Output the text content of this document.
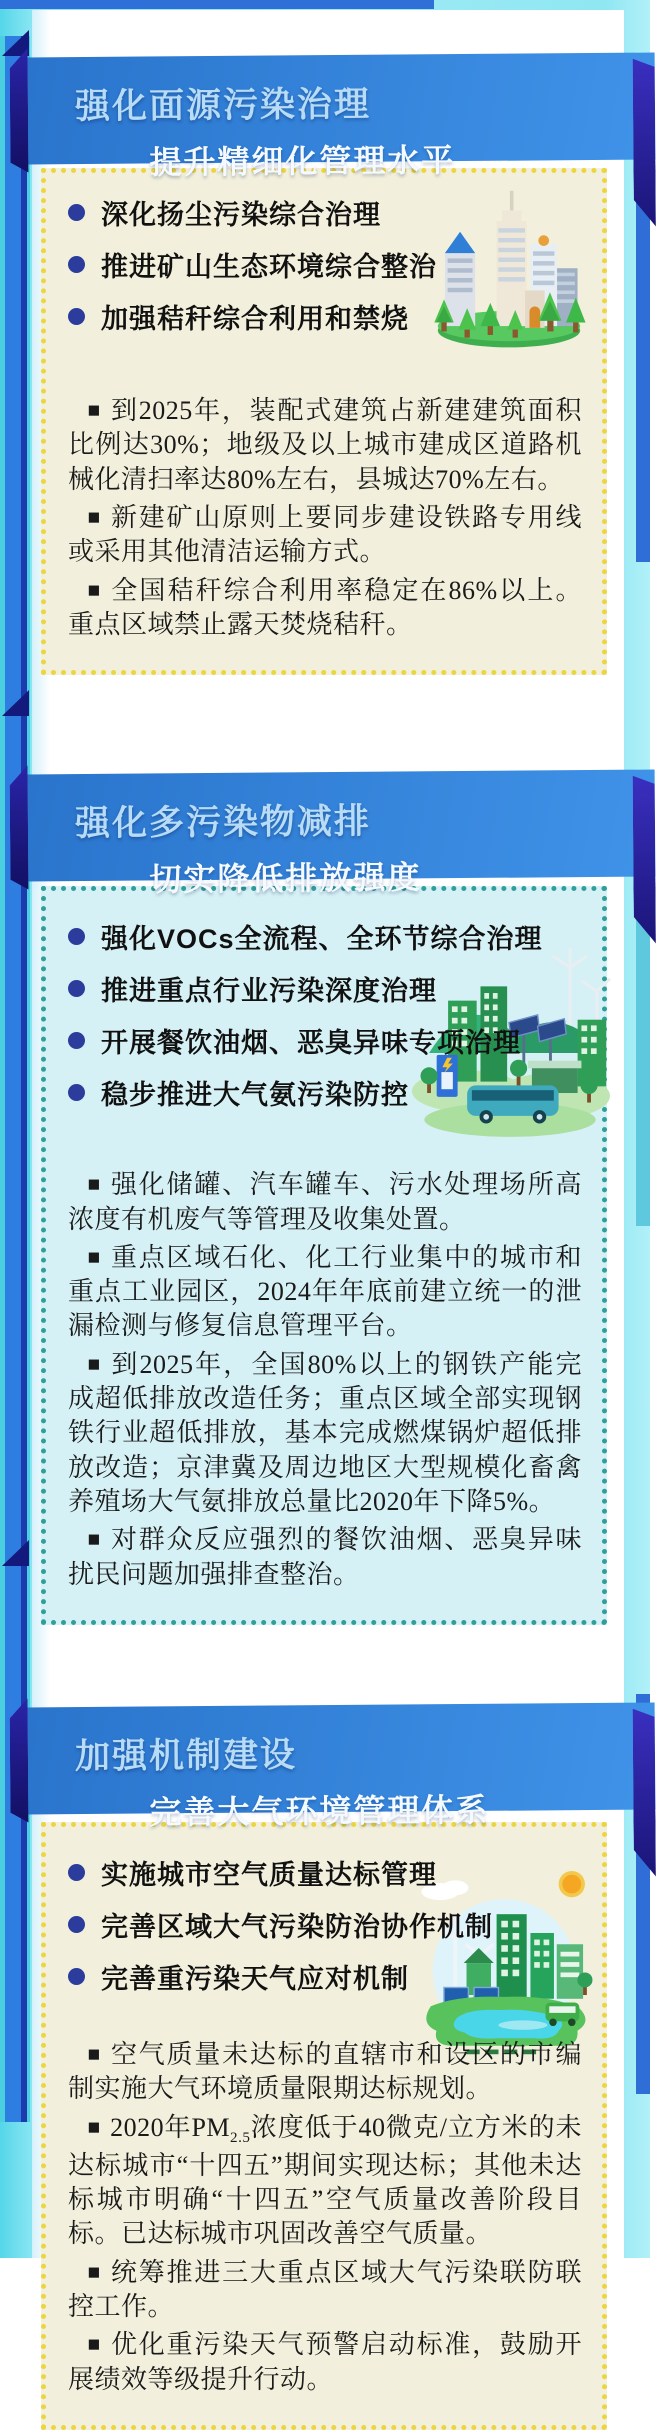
强化面源污染治理
提升精细化管理水平
深化扬尘污染综合治理
推进矿山生态环境综合整治
加强秸秆综合利用和禁烧

■ 到2025年，装配式建筑占新建建筑面积比例达30%；地级及以上城市建成区道路机械化清扫率达80%左右，县城达70%左右。

■ 新建矿山原则上要同步建设铁路专用线或采用其他清洁运输方式。

■ 全国秸秆综合利用率稳定在86%以上。重点区域禁止露天焚烧秸秆。

强化多污染物减排
切实降低排放强度
强化VOCs全流程、全环节综合治理
推进重点行业污染深度治理
开展餐饮油烟、恶臭异味专项治理
稳步推进大气氨污染防控

■ 强化储罐、汽车罐车、污水处理场所高浓度有机废气等管理及收集处置。

■ 重点区域石化、化工行业集中的城市和重点工业园区，2024年年底前建立统一的泄漏检测与修复信息管理平台。

■ 到2025年，全国80%以上的钢铁产能完成超低排放改造任务；重点区域全部实现钢铁行业超低排放，基本完成燃煤锅炉超低排放改造；京津冀及周边地区大型规模化畜禽养殖场大气氨排放总量比2020年下降5%。

■ 对群众反应强烈的餐饮油烟、恶臭异味扰民问题加强排查整治。

加强机制建设
完善大气环境管理体系
实施城市空气质量达标管理
完善区域大气污染防治协作机制
完善重污染天气应对机制

■ 空气质量未达标的直辖市和设区的市编制实施大气环境质量限期达标规划。

■ 2020年$PM_{2.5}$浓度低于40微克/立方米的未达标城市“十四五”期间实现达标；其他未达标城市明确“十四五”空气质量改善阶段目标。已达标城市巩固改善空气质量。

■ 统筹推进三大重点区域大气污染联防联控工作。

■ 优化重污染天气预警启动标准，鼓励开展绩效等级提升行动。
